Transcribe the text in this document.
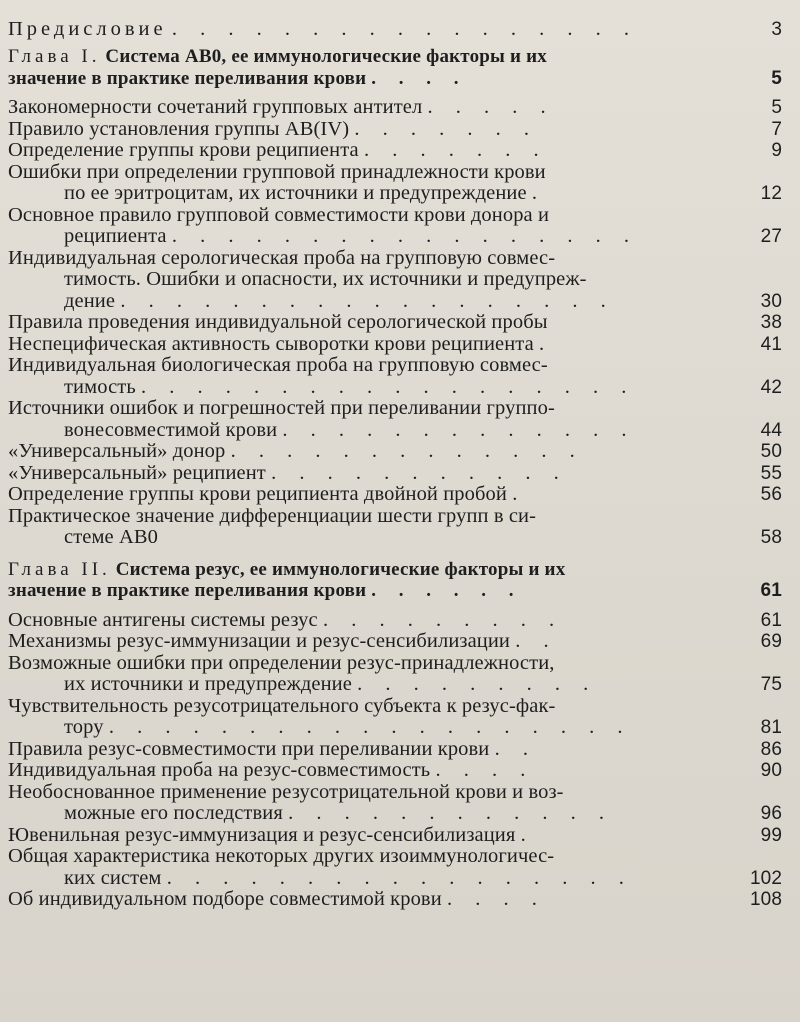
Предисловие . . . . . . . . . . . . . . . . .	3
Глава I. Система АВ0, ее иммунологические факторы и их
значение в практике переливания крови . . . .	5
Закономерности сочетаний групповых антител . . . . .	5
Правило установления группы AB(IV) . . . . . . .	7
Определение группы крови реципиента . . . . . . .	9
Ошибки при определении групповой принадлежности крови
по ее эритроцитам, их источники и предупреждение .	12
Основное правило групповой совместимости крови донора и
реципиента . . . . . . . . . . . . . . . . .	27
Индивидуальная серологическая проба на групповую совмес-
тимость. Ошибки и опасности, их источники и предупреж-
дение . . . . . . . . . . . . . . . . . .	30
Правила проведения индивидуальной серологической пробы	38
Неспецифическая активность сыворотки крови реципиента .	41
Индивидуальная биологическая проба на групповую совмес-
тимость . . . . . . . . . . . . . . . . . .	42
Источники ошибок и погрешностей при переливании группо-
вонесовместимой крови . . . . . . . . . . . . .	44
«Универсальный» донор . . . . . . . . . . . . .	50
«Универсальный» реципиент . . . . . . . . . . .	55
Определение группы крови реципиента двойной пробой .	56
Практическое значение дифференциации шести групп в си-
стеме АВ0	58
Глава II. Система резус, ее иммунологические факторы и их
значение в практике переливания крови . . . . . .	61
Основные антигены системы резус . . . . . . . . .	61
Механизмы резус-иммунизации и резус-сенсибилизации . .	69
Возможные ошибки при определении резус-принадлежности,
их источники и предупреждение . . . . . . . . .	75
Чувствительность резусотрицательного субъекта к резус-фак-
тору . . . . . . . . . . . . . . . . . . .	81
Правила резус-совместимости при переливании крови . .	86
Индивидуальная проба на резус-совместимость . . . .	90
Необоснованное применение резусотрицательной крови и воз-
можные его последствия . . . . . . . . . . . .	96
Ювенильная резус-иммунизация и резус-сенсибилизация .	99
Общая характеристика некоторых других изоиммунологичес-
ких систем . . . . . . . . . . . . . . . . .	102
Об индивидуальном подборе совместимой крови . . . .	108
